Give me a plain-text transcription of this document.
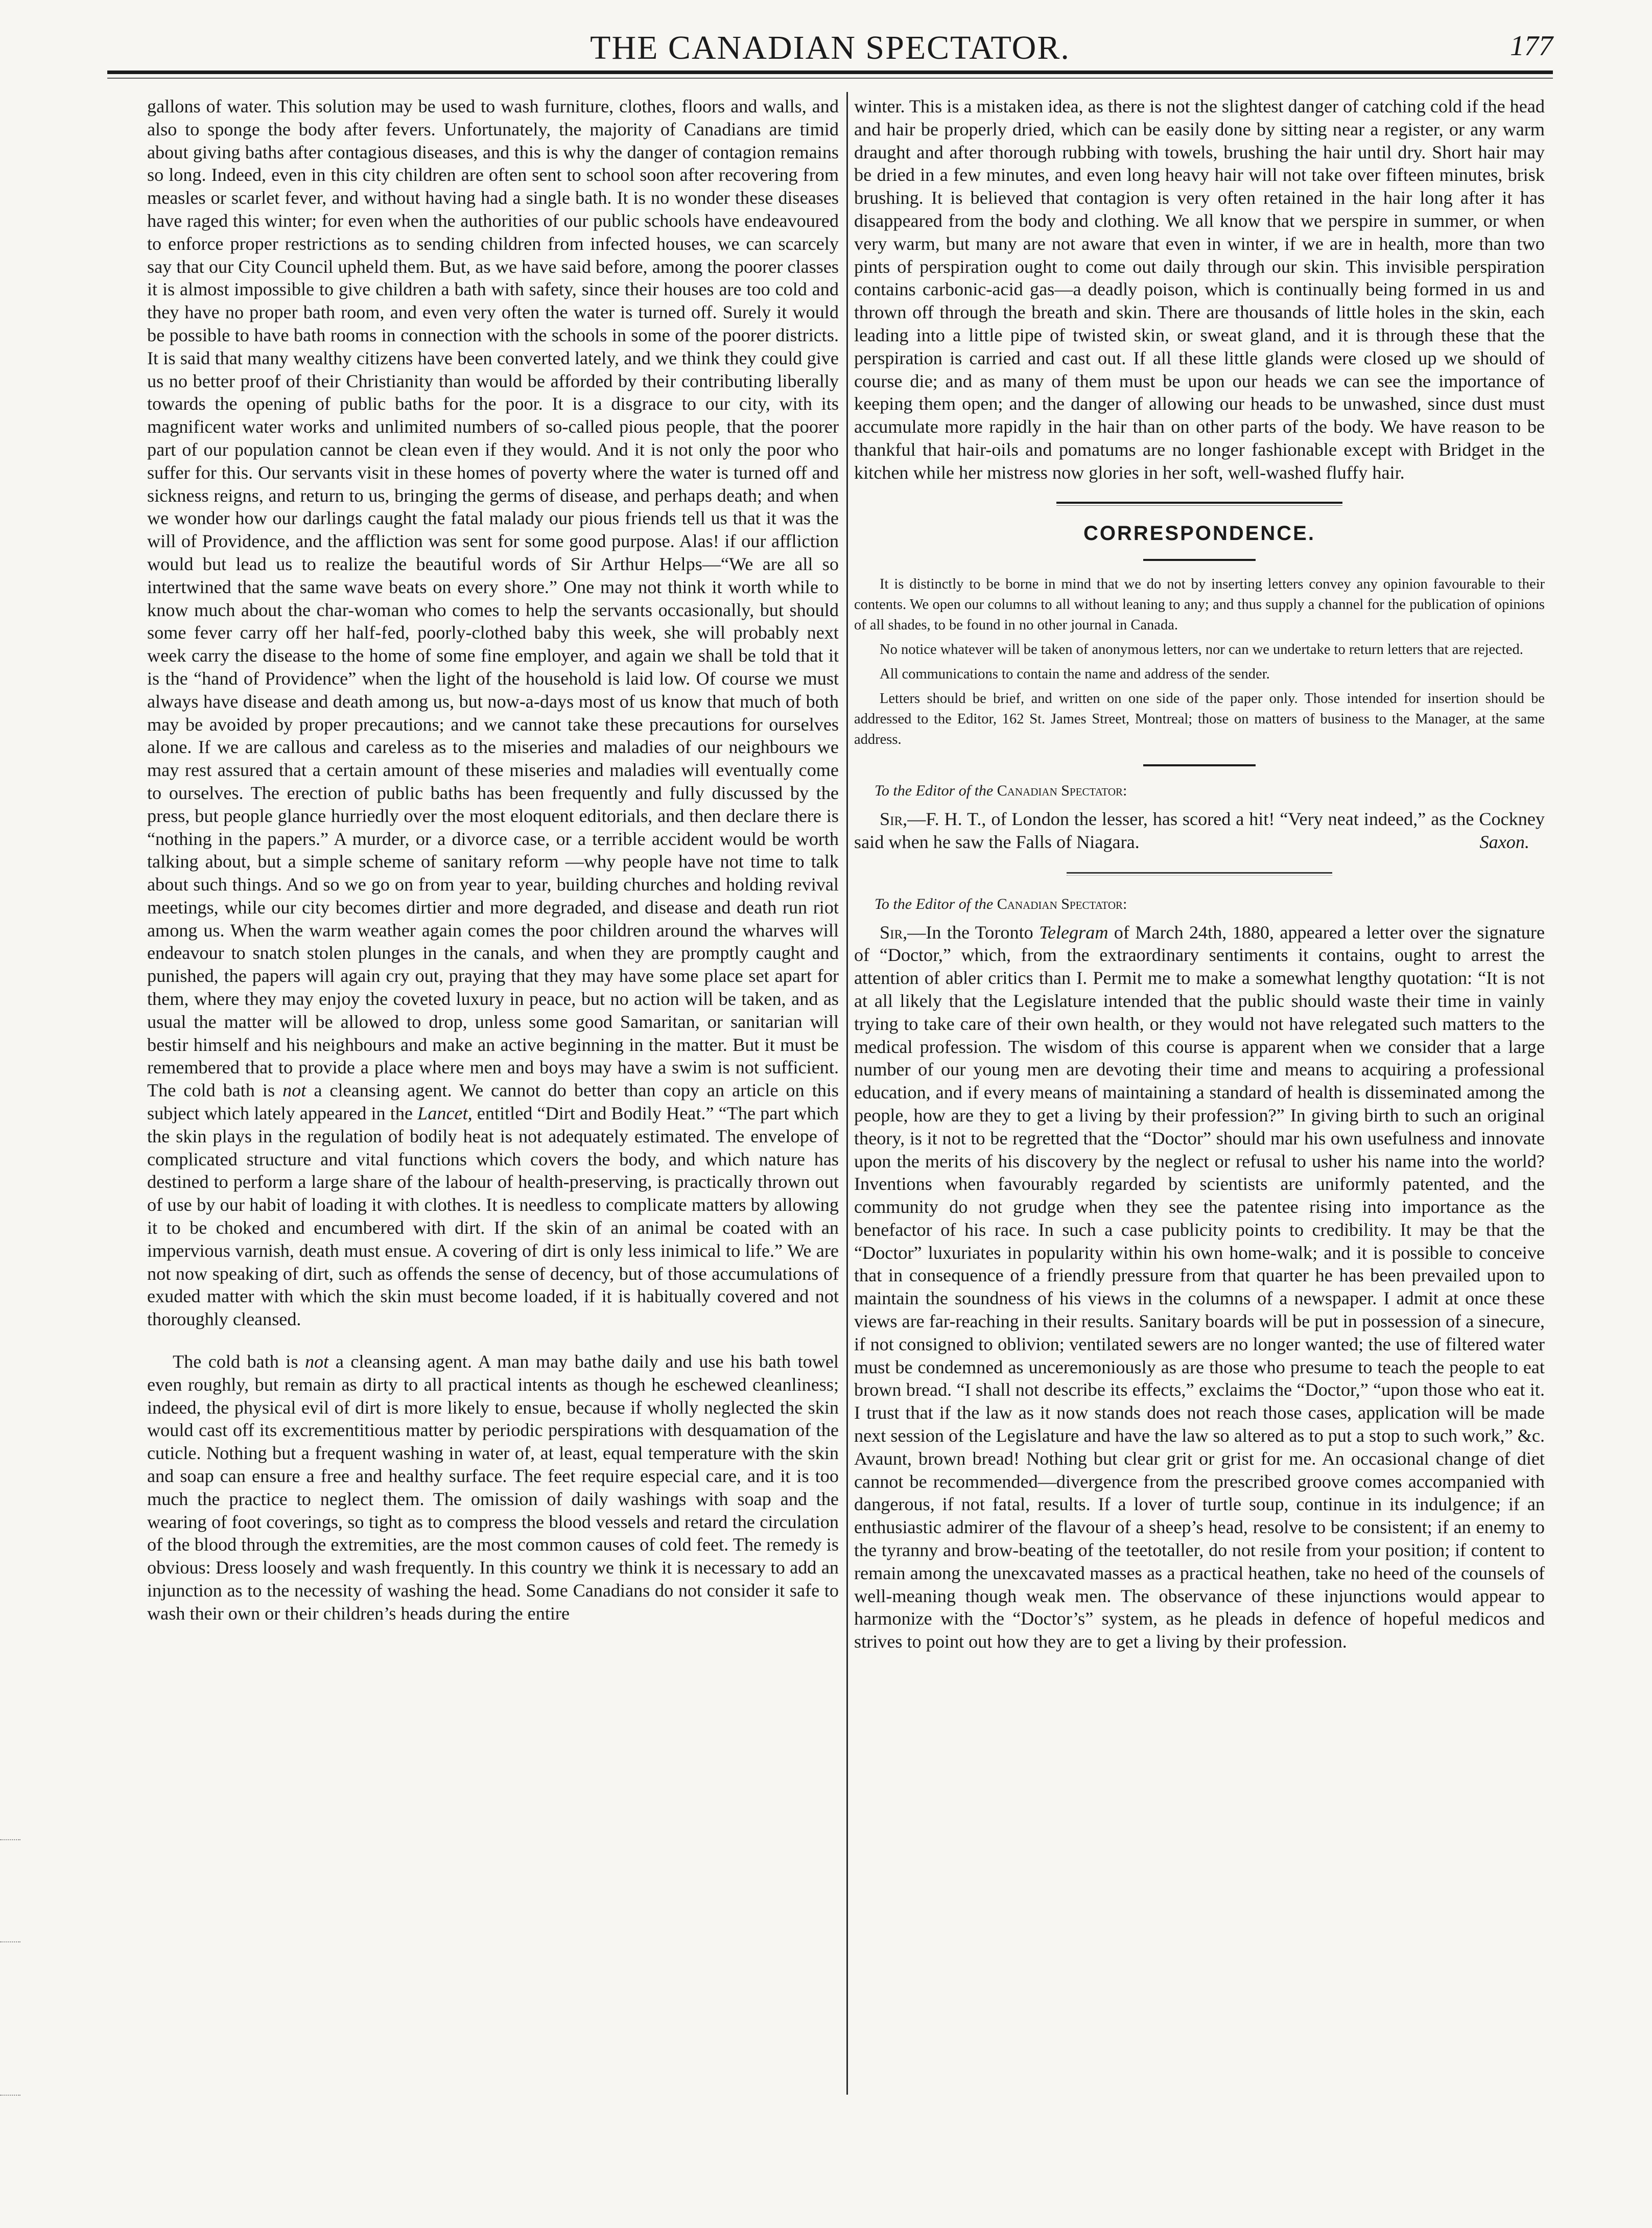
THE CANADIAN SPECTATOR.	177

gallons of water. This solution may be used to wash furniture, clothes, floors and walls, and also to sponge the body after fevers. Unfortunately, the majority of Canadians are timid about giving baths after contagious diseases, and this is why the danger of contagion remains so long. Indeed, even in this city children are often sent to school soon after recovering from measles or scarlet fever, and without having had a single bath. It is no wonder these diseases have raged this winter; for even when the authorities of our public schools have endeavoured to enforce proper restrictions as to sending children from infected houses, we can scarcely say that our City Council upheld them. But, as we have said before, among the poorer classes it is almost impossible to give children a bath with safety, since their houses are too cold and they have no proper bath room, and even very often the water is turned off. Surely it would be possible to have bath rooms in connection with the schools in some of the poorer districts. It is said that many wealthy citizens have been converted lately, and we think they could give us no better proof of their Christianity than would be afforded by their contributing liberally towards the opening of public baths for the poor. It is a disgrace to our city, with its magnificent water works and unlimited numbers of so-called pious people, that the poorer part of our population cannot be clean even if they would. And it is not only the poor who suffer for this. Our servants visit in these homes of poverty where the water is turned off and sickness reigns, and return to us, bringing the germs of disease, and perhaps death; and when we wonder how our darlings caught the fatal malady our pious friends tell us that it was the will of Providence, and the affliction was sent for some good purpose. Alas! if our affliction would but lead us to realize the beautiful words of Sir Arthur Helps—“We are all so intertwined that the same wave beats on every shore.” One may not think it worth while to know much about the char-woman who comes to help the servants occasionally, but should some fever carry off her half-fed, poorly-clothed baby this week, she will probably next week carry the disease to the home of some fine employer, and again we shall be told that it is the “hand of Providence” when the light of the household is laid low. Of course we must always have disease and death among us, but now-a-days most of us know that much of both may be avoided by proper precautions; and we cannot take these precautions for ourselves alone. If we are callous and careless as to the miseries and maladies of our neighbours we may rest assured that a certain amount of these miseries and maladies will eventually come to ourselves. The erection of public baths has been frequently and fully discussed by the press, but people glance hurriedly over the most eloquent editorials, and then declare there is “nothing in the papers.” A murder, or a divorce case, or a terrible accident would be worth talking about, but a simple scheme of sanitary reform —why people have not time to talk about such things. And so we go on from year to year, building churches and holding revival meetings, while our city becomes dirtier and more degraded, and disease and death run riot among us. When the warm weather again comes the poor children around the wharves will endeavour to snatch stolen plunges in the canals, and when they are promptly caught and punished, the papers will again cry out, praying that they may have some place set apart for them, where they may enjoy the coveted luxury in peace, but no action will be taken, and as usual the matter will be allowed to drop, unless some good Samaritan, or sanitarian will bestir himself and his neighbours and make an active beginning in the matter. But it must be remembered that to provide a place where men and boys may have a swim is not sufficient. The cold bath is not a cleansing agent. We cannot do better than copy an article on this subject which lately appeared in the Lancet, entitled “Dirt and Bodily Heat.” “The part which the skin plays in the regulation of bodily heat is not adequately estimated. The envelope of complicated structure and vital functions which covers the body, and which nature has destined to perform a large share of the labour of health-preserving, is practically thrown out of use by our habit of loading it with clothes. It is needless to complicate matters by allowing it to be choked and encumbered with dirt. If the skin of an animal be coated with an impervious varnish, death must ensue. A covering of dirt is only less inimical to life.” We are not now speaking of dirt, such as offends the sense of decency, but of those accumulations of exuded matter with which the skin must become loaded, if it is habitually covered and not thoroughly cleansed.

The cold bath is not a cleansing agent. A man may bathe daily and use his bath towel even roughly, but remain as dirty to all practical intents as though he eschewed cleanliness; indeed, the physical evil of dirt is more likely to ensue, because if wholly neglected the skin would cast off its excrementitious matter by periodic perspirations with desquamation of the cuticle. Nothing but a frequent washing in water of, at least, equal temperature with the skin and soap can ensure a free and healthy surface. The feet require especial care, and it is too much the practice to neglect them. The omission of daily washings with soap and the wearing of foot coverings, so tight as to compress the blood vessels and retard the circulation of the blood through the extremities, are the most common causes of cold feet. The remedy is obvious: Dress loosely and wash frequently. In this country we think it is necessary to add an injunction as to the necessity of washing the head. Some Canadians do not consider it safe to wash their own or their children’s heads during the entire

winter. This is a mistaken idea, as there is not the slightest danger of catching cold if the head and hair be properly dried, which can be easily done by sitting near a register, or any warm draught and after thorough rubbing with towels, brushing the hair until dry. Short hair may be dried in a few minutes, and even long heavy hair will not take over fifteen minutes, brisk brushing. It is believed that contagion is very often retained in the hair long after it has disappeared from the body and clothing. We all know that we perspire in summer, or when very warm, but many are not aware that even in winter, if we are in health, more than two pints of perspiration ought to come out daily through our skin. This invisible perspiration contains carbonic-acid gas—a deadly poison, which is continually being formed in us and thrown off through the breath and skin. There are thousands of little holes in the skin, each leading into a little pipe of twisted skin, or sweat gland, and it is through these that the perspiration is carried and cast out. If all these little glands were closed up we should of course die; and as many of them must be upon our heads we can see the importance of keeping them open; and the danger of allowing our heads to be unwashed, since dust must accumulate more rapidly in the hair than on other parts of the body. We have reason to be thankful that hair-oils and pomatums are no longer fashionable except with Bridget in the kitchen while her mistress now glories in her soft, well-washed fluffy hair.

CORRESPONDENCE.

It is distinctly to be borne in mind that we do not by inserting letters convey any opinion favourable to their contents. We open our columns to all without leaning to any; and thus supply a channel for the publication of opinions of all shades, to be found in no other journal in Canada.

No notice whatever will be taken of anonymous letters, nor can we undertake to return letters that are rejected.

All communications to contain the name and address of the sender.

Letters should be brief, and written on one side of the paper only. Those intended for insertion should be addressed to the Editor, 162 St. James Street, Montreal; those on matters of business to the Manager, at the same address.

To the Editor of the Canadian Spectator:

Sir,—F. H. T., of London the lesser, has scored a hit! “Very neat indeed,” as the Cockney said when he saw the Falls of Niagara.	Saxon.

To the Editor of the Canadian Spectator:

Sir,—In the Toronto Telegram of March 24th, 1880, appeared a letter over the signature of “Doctor,” which, from the extraordinary sentiments it contains, ought to arrest the attention of abler critics than I. Permit me to make a somewhat lengthy quotation: “It is not at all likely that the Legislature intended that the public should waste their time in vainly trying to take care of their own health, or they would not have relegated such matters to the medical profession. The wisdom of this course is apparent when we consider that a large number of our young men are devoting their time and means to acquiring a professional education, and if every means of maintaining a standard of health is disseminated among the people, how are they to get a living by their profession?” In giving birth to such an original theory, is it not to be regretted that the “Doctor” should mar his own usefulness and innovate upon the merits of his discovery by the neglect or refusal to usher his name into the world? Inventions when favourably regarded by scientists are uniformly patented, and the community do not grudge when they see the patentee rising into importance as the benefactor of his race. In such a case publicity points to credibility. It may be that the “Doctor” luxuriates in popularity within his own home-walk; and it is possible to conceive that in consequence of a friendly pressure from that quarter he has been prevailed upon to maintain the soundness of his views in the columns of a newspaper. I admit at once these views are far-reaching in their results. Sanitary boards will be put in possession of a sinecure, if not consigned to oblivion; ventilated sewers are no longer wanted; the use of filtered water must be condemned as unceremoniously as are those who presume to teach the people to eat brown bread. “I shall not describe its effects,” exclaims the “Doctor,” “upon those who eat it. I trust that if the law as it now stands does not reach those cases, application will be made next session of the Legislature and have the law so altered as to put a stop to such work,” &c. Avaunt, brown bread! Nothing but clear grit or grist for me. An occasional change of diet cannot be recommended—divergence from the prescribed groove comes accompanied with dangerous, if not fatal, results. If a lover of turtle soup, continue in its indulgence; if an enthusiastic admirer of the flavour of a sheep’s head, resolve to be consistent; if an enemy to the tyranny and brow-beating of the teetotaller, do not resile from your position; if content to remain among the unexcavated masses as a practical heathen, take no heed of the counsels of well-meaning though weak men. The observance of these injunctions would appear to harmonize with the “Doctor’s” system, as he pleads in defence of hopeful medicos and strives to point out how they are to get a living by their profession.
